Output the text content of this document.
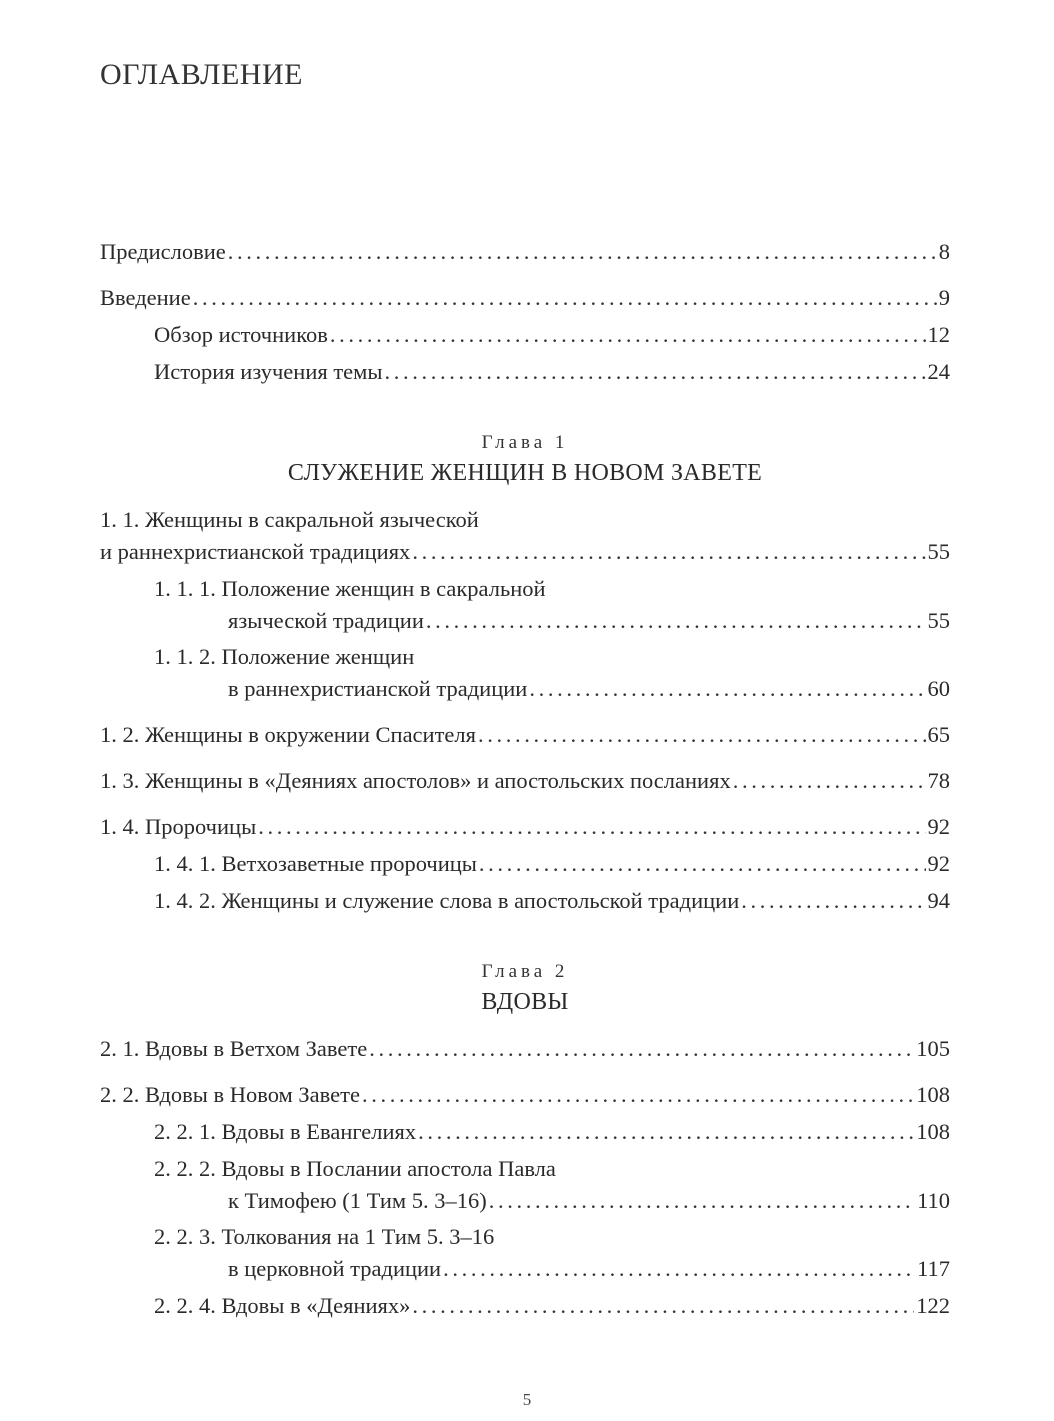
ОГЛАВЛЕНИЕ
Предисловие . . .	8
Введение . . .	9
Обзор источников . . .	12
История изучения темы . . .	24
Глава 1
СЛУЖЕНИЕ ЖЕНЩИН В НОВОМ ЗАВЕТЕ
1. 1. Женщины в сакральной языческой
и раннехристианской традициях . . .	55
1. 1. 1. Положение женщин в сакральной
языческой традиции . . .	55
1. 1. 2. Положение женщин
в раннехристианской традиции . . .	60
1. 2. Женщины в окружении Спасителя . . .	65
1. 3. Женщины в «Деяниях апостолов» и апостольских посланиях . . .	78
1. 4. Пророчицы . . .	92
1. 4. 1. Ветхозаветные пророчицы . . .	92
1. 4. 2. Женщины и служение слова в апостольской традиции . . .	94
Глава 2
ВДОВЫ
2. 1. Вдовы в Ветхом Завете . . .	105
2. 2. Вдовы в Новом Завете . . .	108
2. 2. 1. Вдовы в Евангелиях . . .	108
2. 2. 2. Вдовы в Послании апостола Павла
к Тимофею (1 Тим 5. 3–16) . . .	110
2. 2. 3. Толкования на 1 Тим 5. 3–16
в церковной традиции . . .	117
2. 2. 4. Вдовы в «Деяниях» . . .	122
5
